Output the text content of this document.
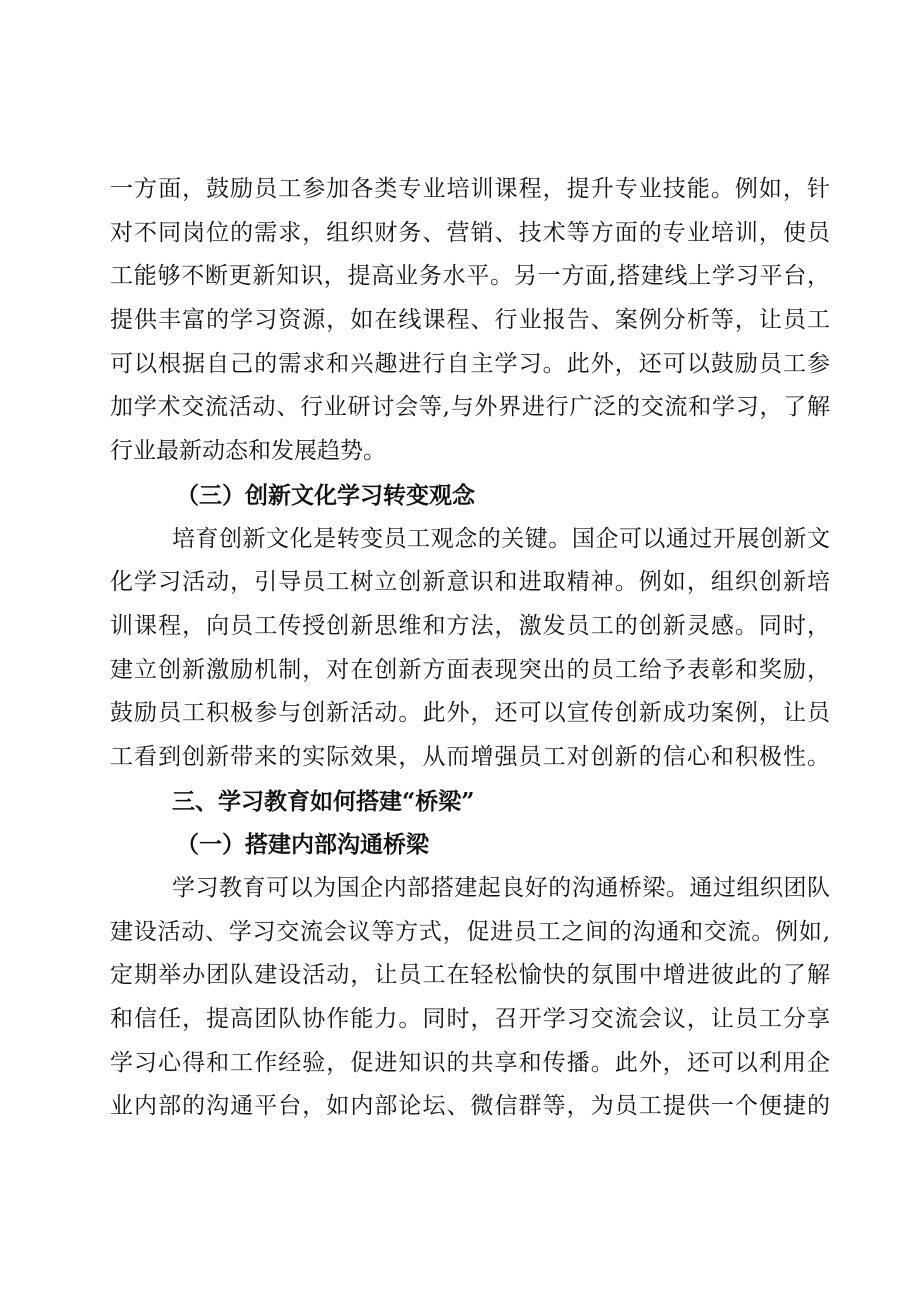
一方面，鼓励员工参加各类专业培训课程，提升专业技能。例如，针
对不同岗位的需求，组织财务、营销、技术等方面的专业培训，使员
工能够不断更新知识，提高业务水平。另一方面,搭建线上学习平台，
提供丰富的学习资源，如在线课程、行业报告、案例分析等，让员工
可以根据自己的需求和兴趣进行自主学习。此外，还可以鼓励员工参
加学术交流活动、行业研讨会等,与外界进行广泛的交流和学习，了解
行业最新动态和发展趋势。
（三）创新文化学习转变观念
培育创新文化是转变员工观念的关键。国企可以通过开展创新文
化学习活动，引导员工树立创新意识和进取精神。例如，组织创新培
训课程，向员工传授创新思维和方法，激发员工的创新灵感。同时，
建立创新激励机制，对在创新方面表现突出的员工给予表彰和奖励，
鼓励员工积极参与创新活动。此外，还可以宣传创新成功案例，让员
工看到创新带来的实际效果，从而增强员工对创新的信心和积极性。
三、学习教育如何搭建“桥梁”
（一）搭建内部沟通桥梁
学习教育可以为国企内部搭建起良好的沟通桥梁。通过组织团队
建设活动、学习交流会议等方式，促进员工之间的沟通和交流。例如,
定期举办团队建设活动，让员工在轻松愉快的氛围中增进彼此的了解
和信任，提高团队协作能力。同时，召开学习交流会议，让员工分享
学习心得和工作经验，促进知识的共享和传播。此外，还可以利用企
业内部的沟通平台，如内部论坛、微信群等，为员工提供一个便捷的
